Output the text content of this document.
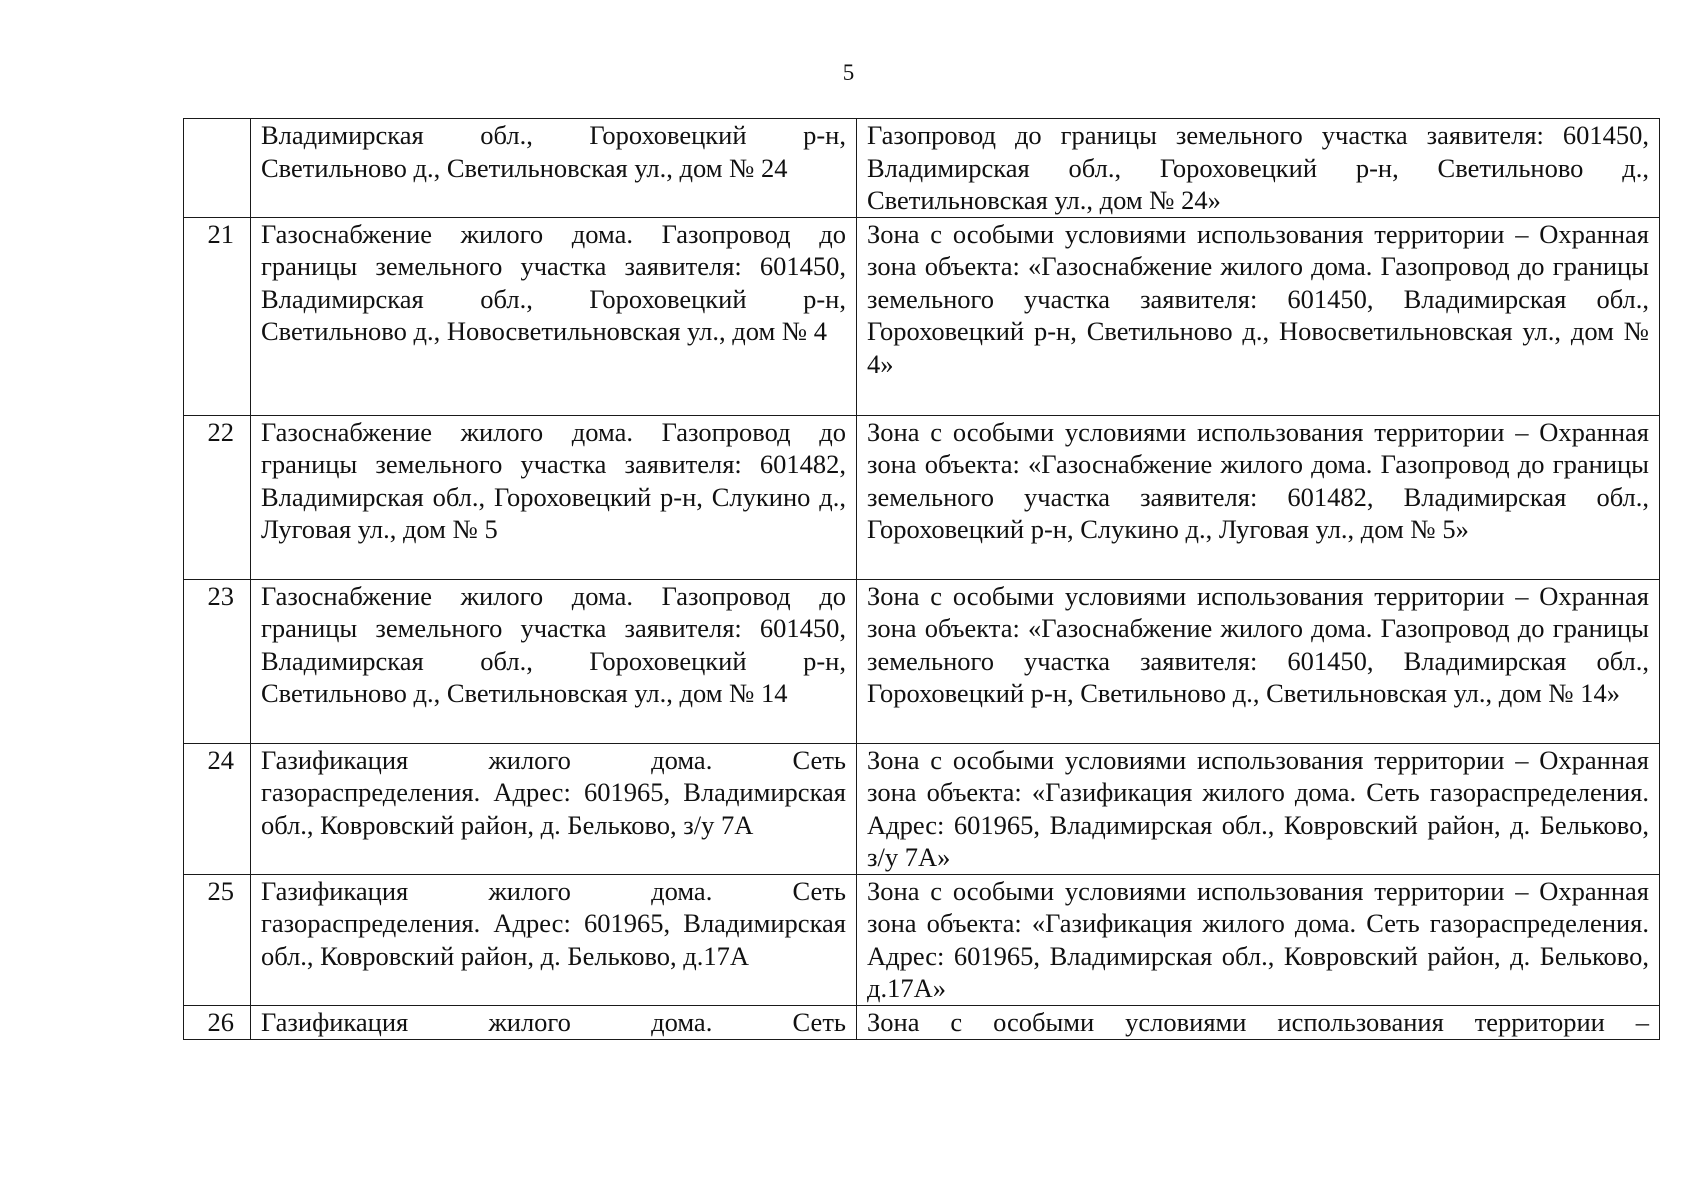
5
	Владимирская обл., Гороховецкий р-н, Светильново д., Светильновская ул., дом № 24	Газопровод до границы земельного участка заявителя: 601450, Владимирская обл., Гороховецкий р-н, Светильново д., Светильновская ул., дом № 24»
21	Газоснабжение жилого дома. Газопровод до границы земельного участка заявителя: 601450, Владимирская обл., Гороховецкий р-н, Светильново д., Новосветильновская ул., дом № 4	Зона с особыми условиями использования территории – Охранная зона объекта: «Газоснабжение жилого дома. Газопровод до границы земельного участка заявителя: 601450, Владимирская обл., Гороховецкий р-н, Светильново д., Новосветильновская ул., дом № 4»
22	Газоснабжение жилого дома. Газопровод до границы земельного участка заявителя: 601482, Владимирская обл., Гороховецкий р-н, Слукино д., Луговая ул., дом № 5	Зона с особыми условиями использования территории – Охранная зона объекта: «Газоснабжение жилого дома. Газопровод до границы земельного участка заявителя: 601482, Владимирская обл., Гороховецкий р-н, Слукино д., Луговая ул., дом № 5»
23	Газоснабжение жилого дома. Газопровод до границы земельного участка заявителя: 601450, Владимирская обл., Гороховецкий р-н, Светильново д., Светильновская ул., дом № 14	Зона с особыми условиями использования территории – Охранная зона объекта: «Газоснабжение жилого дома. Газопровод до границы земельного участка заявителя: 601450, Владимирская обл., Гороховецкий р-н, Светильново д., Светильновская ул., дом № 14»
24	Газификация жилого дома. Сеть газораспределения. Адрес: 601965, Владимирская обл., Ковровский район, д. Бельково, з/у 7А	Зона с особыми условиями использования территории – Охранная зона объекта: «Газификация жилого дома. Сеть газораспределения. Адрес: 601965, Владимирская обл., Ковровский район, д. Бельково, з/у 7А»
25	Газификация жилого дома. Сеть газораспределения. Адрес: 601965, Владимирская обл., Ковровский район, д. Бельково, д.17А	Зона с особыми условиями использования территории – Охранная зона объекта: «Газификация жилого дома. Сеть газораспределения. Адрес: 601965, Владимирская обл., Ковровский район, д. Бельково, д.17А»
26	Газификация жилого дома. Сеть	Зона с особыми условиями использования территории –
